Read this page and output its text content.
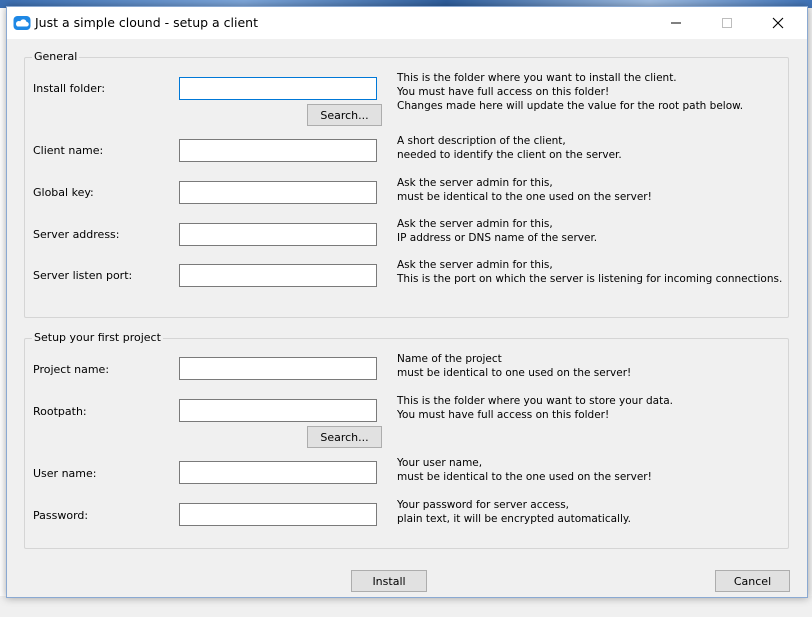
Just a simple clound - setup a client
General
Install folder:
This is the folder where you want to install the client.
You must have full access on this folder!
Changes made here will update the value for the root path below.
Search...
Client name:
A short description of the client,
needed to identify the client on the server.
Global key:
Ask the server admin for this,
must be identical to the one used on the server!
Server address:
Ask the server admin for this,
IP address or DNS name of the server.
Server listen port:
Ask the server admin for this,
This is the port on which the server is listening for incoming connections.
Setup your first project
Project name:
Name of the project
must be identical to one used on the server!
Rootpath:
This is the folder where you want to store your data.
You must have full access on this folder!
Search...
User name:
Your user name,
must be identical to the one used on the server!
Password:
Your password for server access,
plain text, it will be encrypted automatically.
Install	Cancel
